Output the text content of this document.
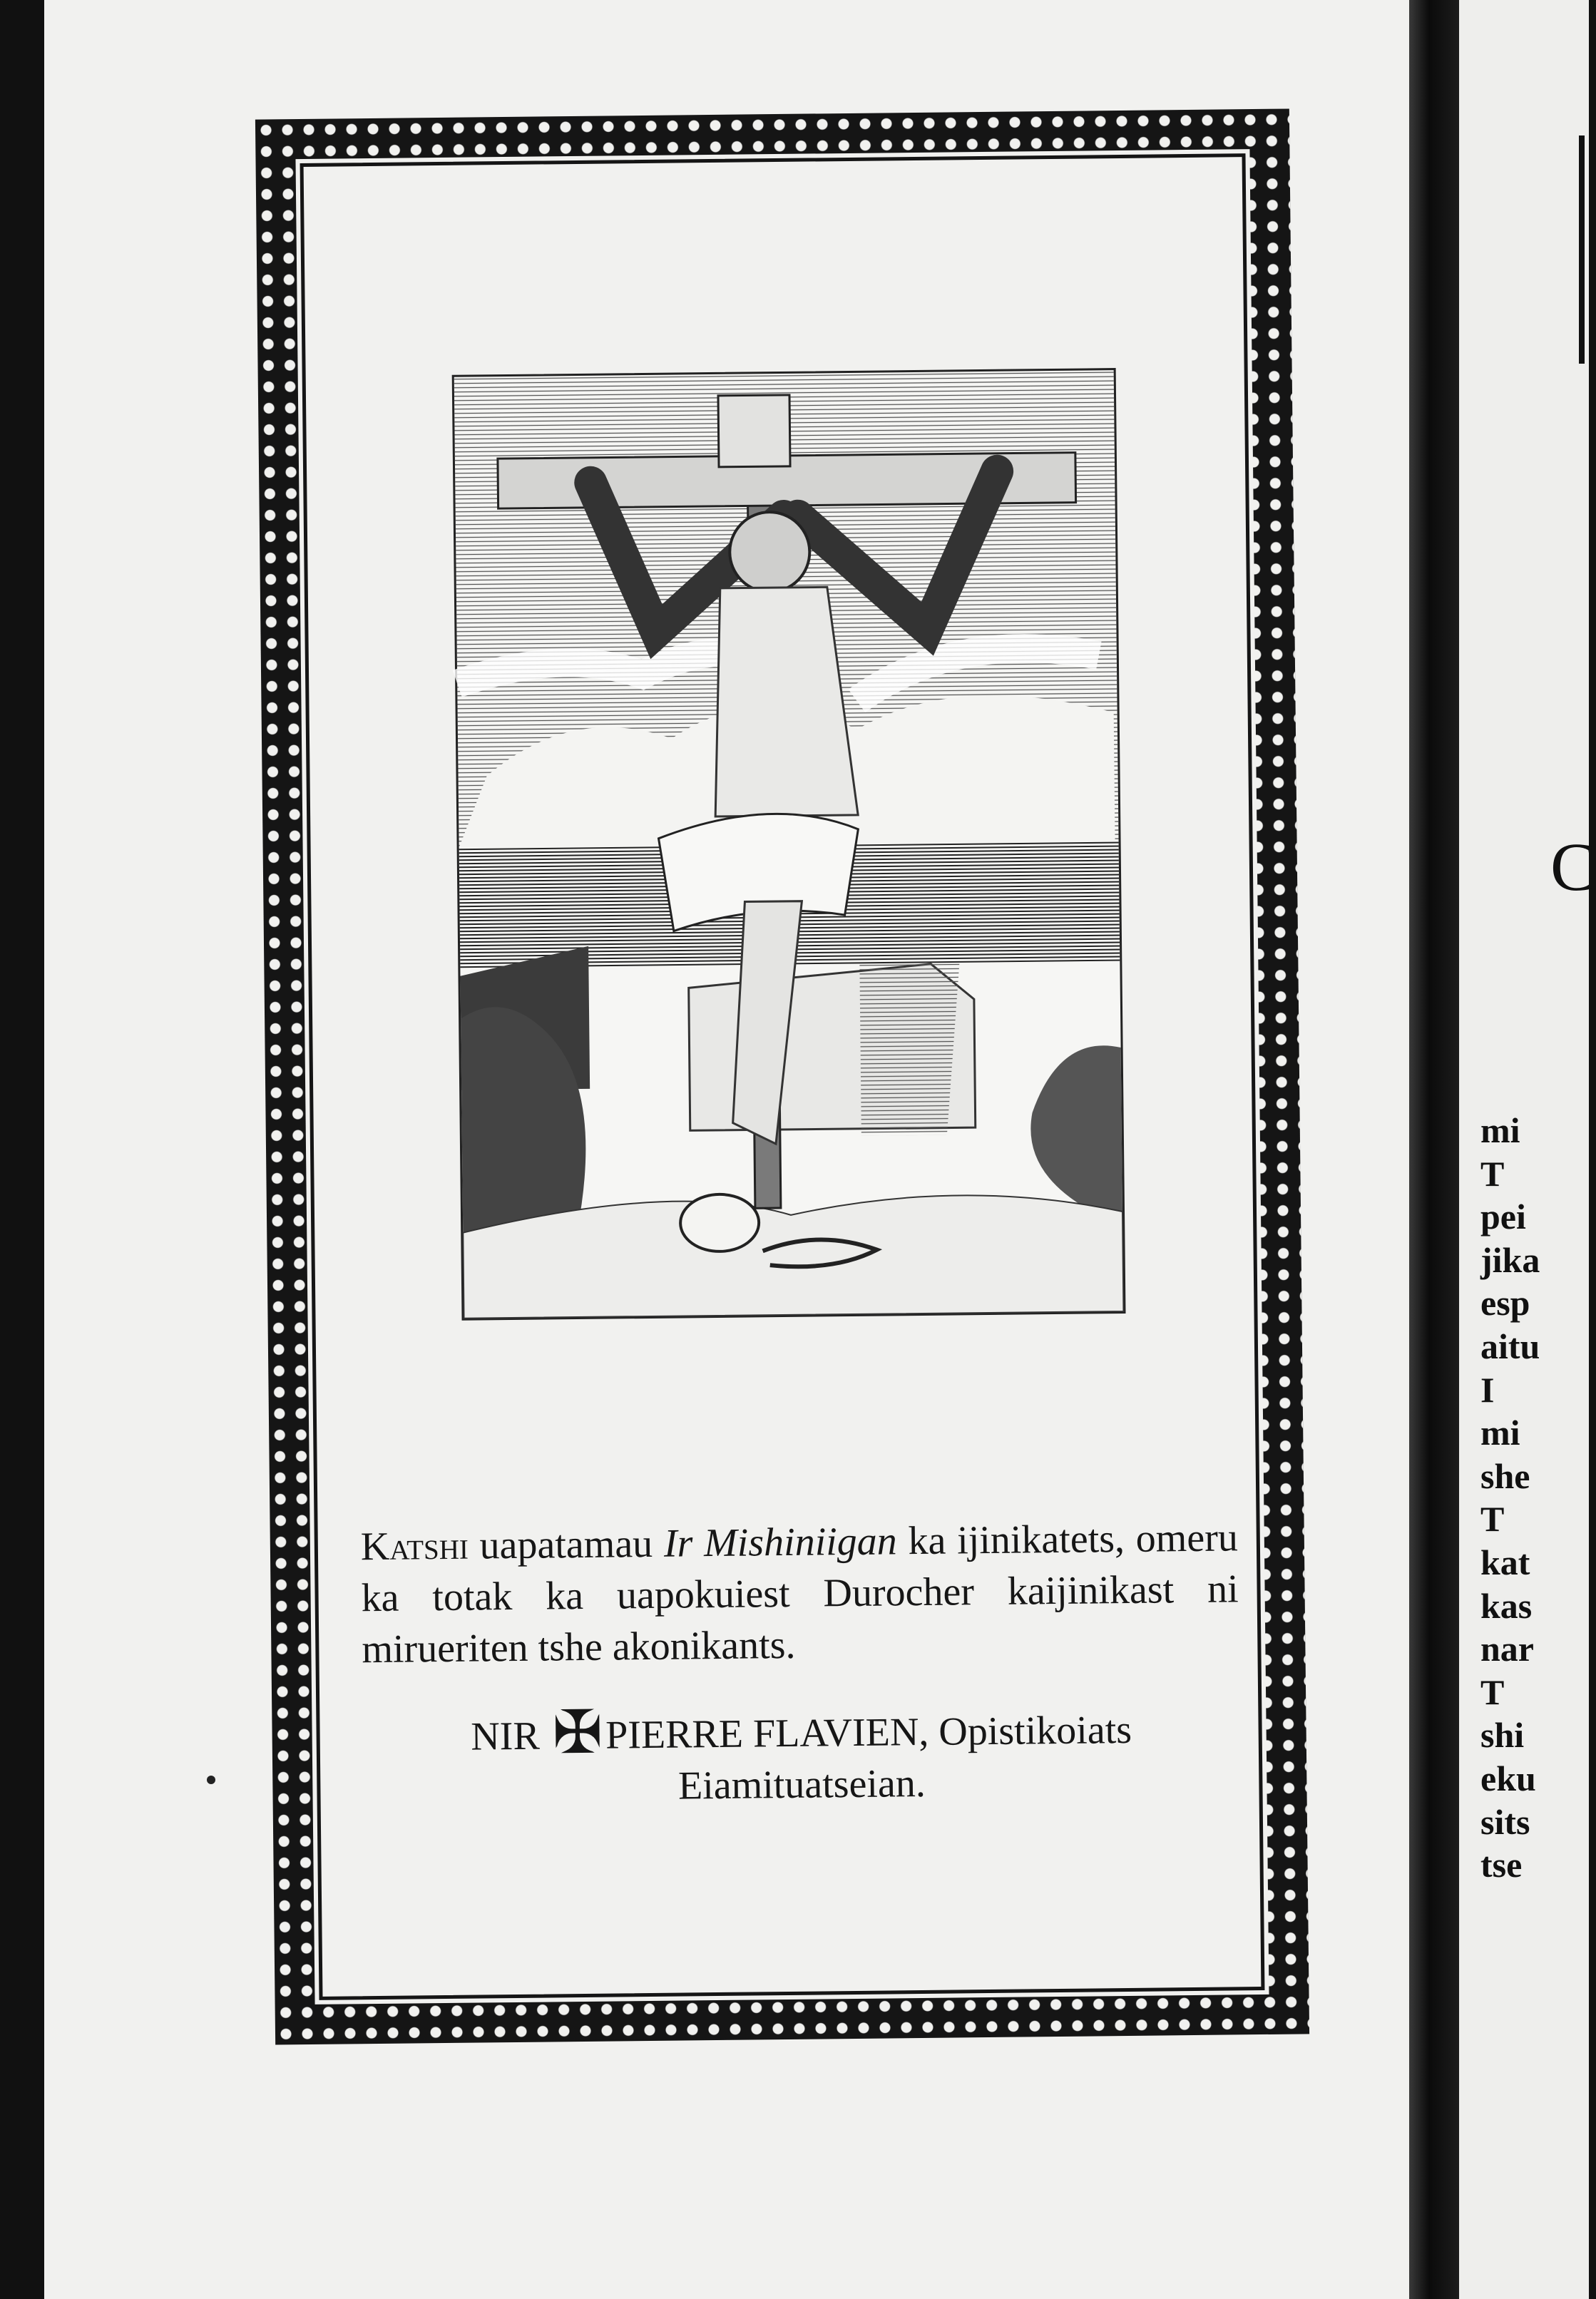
Katshi uapatamau Ir Mishiniigan ka ijinikatets, omeru ka totak ka uapokuiest Durocher kaijinikast ni mirueriten tshe akonikants.
NIR ✠PIERRE FLAVIEN, Opistikoiats
Eiamituatseian.
C
mi
T
pei
jika
esp
aitu
I
mi
she
T
kat
kas
nar
T
shi
eku
sits
tse
